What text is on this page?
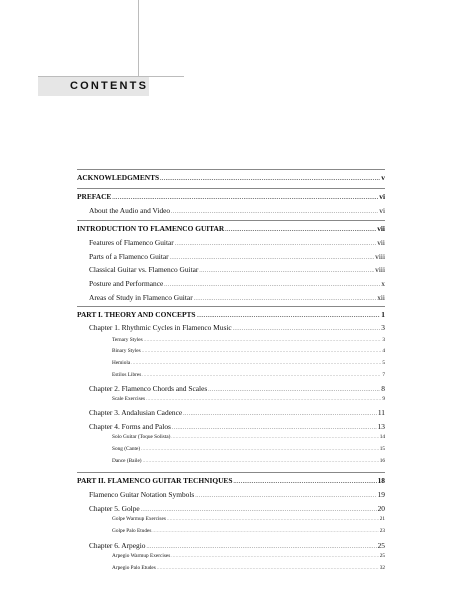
CONTENTS
ACKNOWLEDGMENTS .....	v
PREFACE .....	vi
About the Audio and Video .....	vi
INTRODUCTION TO FLAMENCO GUITAR .....	vii
Features of Flamenco Guitar .....	vii
Parts of a Flamenco Guitar .....	viii
Classical Guitar vs. Flamenco Guitar .....	viii
Posture and Performance .....	x
Areas of Study in Flamenco Guitar .....	xii
PART I. THEORY AND CONCEPTS .....	1
Chapter 1. Rhythmic Cycles in Flamenco Music .....	3
Ternary Styles .....	3
Binary Styles .....	4
Hemiola .....	5
Estilos Libres .....	7
Chapter 2. Flamenco Chords and Scales .....	8
Scale Exercises .....	9
Chapter 3. Andalusian Cadence .....	11
Chapter 4. Forms and Palos .....	13
Solo Guitar (Toque Solista) .....	14
Song (Cante) .....	15
Dance (Baile) .....	16
PART II. FLAMENCO GUITAR TECHNIQUES .....	18
Flamenco Guitar Notation Symbols .....	19
Chapter 5. Golpe .....	20
Golpe Warmup Exercises .....	21
Golpe Palo Etudes .....	23
Chapter 6. Arpegio .....	25
Arpegio Warmup Exercises .....	25
Arpegio Palo Etudes .....	32
